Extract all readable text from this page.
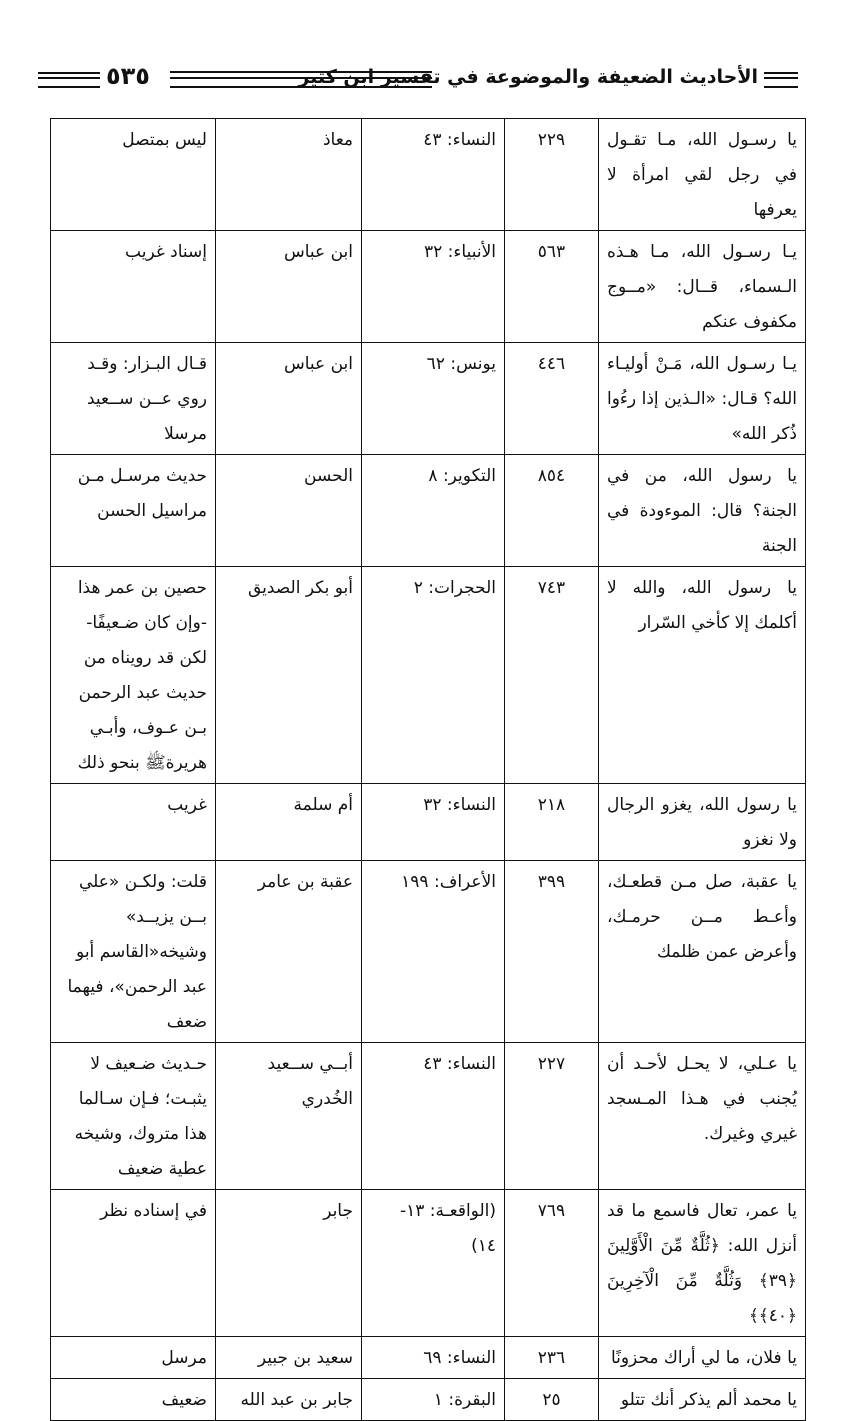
الأحاديث الضعيفة والموضوعة في تفسير ابن كثير
٥٣٥
يا رسـول الله، مـا تقـول في رجل لقي امرأة لا يعرفها	٢٢٩	النساء: ٤٣	معاذ	ليس بمتصل
يـا رسـول الله، مـا هـذه الـسماء، قــال: «مــوج مكفوف عنكم	٥٦٣	الأنبياء: ٣٢	ابن عباس	إسناد غريب
يـا رسـول الله، مَـنْ أوليـاء الله؟ قـال: «الـذين إذا رءُوا ذُكر الله»	٤٤٦	يونس: ٦٢	ابن عباس	قـال البـزار: وقـد روي عــن ســعيد مرسلا
يا رسول الله، من في الجنة؟ قال: الموءودة في الجنة	٨٥٤	التكوير: ٨	الحسن	حديث مرسـل مـن مراسيل الحسن
يا رسول الله، والله لا أكلمك إلا كأخي السّرار	٧٤٣	الحجرات: ٢	أبو بكر الصديق	حصين بن عمر هذا -وإن كان ضـعيفًا- لكن قد رويناه من حديث عبد الرحمن بـن عـوف، وأبـي هريرةﷺ بنحو ذلك
يا رسول الله، يغزو الرجال ولا نغزو	٢١٨	النساء: ٣٢	أم سلمة	غريب
يا عقبة، صل مـن قطعـك، وأعـط مــن حرمـك، وأعرض عمن ظلمك	٣٩٩	الأعراف: ١٩٩	عقبة بن عامر	قلت: ولكـن «علي بــن يزيــد» وشيخه«القاسم أبو عبد الرحمن»، فيهما ضعف
يا عـلي، لا يحـل لأحـد أن يُجنب في هـذا المـسجد غيري وغيرك.	٢٢٧	النساء: ٤٣	أبــي ســعيد الخُدري	حـديث ضـعيف لا يثبـت؛ فـإن سـالما هذا متروك، وشيخه عطية ضعيف
يا عمر، تعال فاسمع ما قد أنزل الله: ﴿ثُلَّةٌ مِّنَ الْأَوَّلِينَ ﴿٣٩﴾ وَثُلَّةٌ مِّنَ الْآخِرِينَ ﴿٤٠﴾﴾	٧٦٩	(الواقعـة: ١٣- ١٤)	جابر	في إسناده نظر
يا فلان، ما لي أراك محزونًا	٢٣٦	النساء: ٦٩	سعيد بن جبير	مرسل
يا محمد ألم يذكر أنك تتلو	٢٥	البقرة: ١	جابر بن عبد الله	ضعيف
